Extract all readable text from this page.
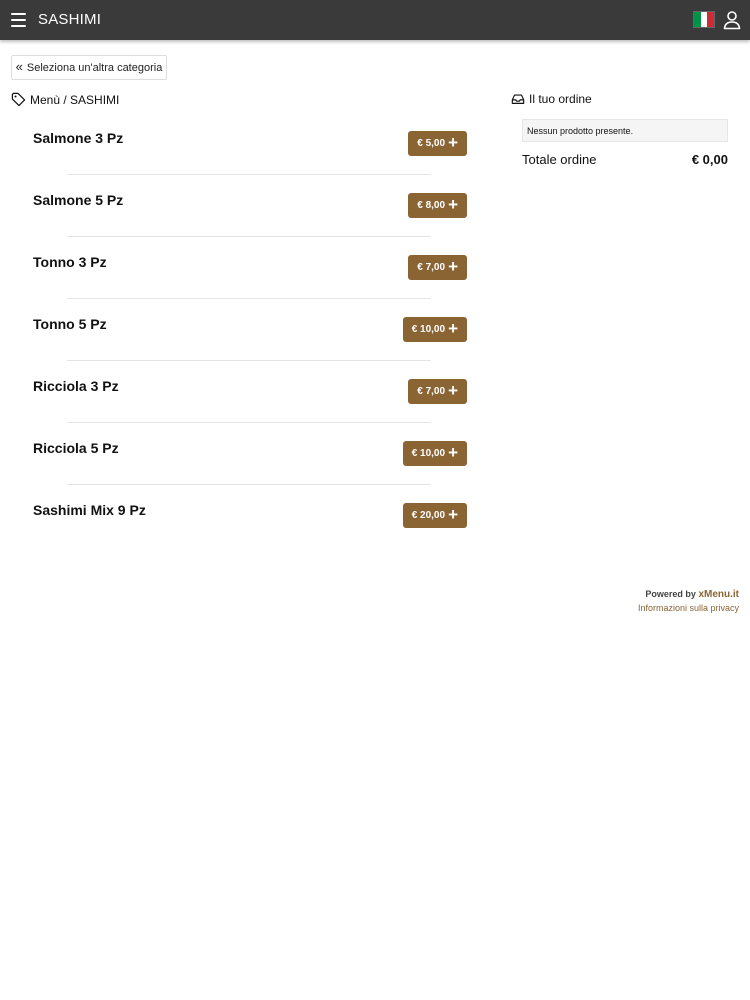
SASHIMI
« Seleziona un'altra categoria
Menù / SASHIMI
Salmone 3 Pz	€ 5,00 +
Salmone 5 Pz	€ 8,00 +
Tonno 3 Pz	€ 7,00 +
Tonno 5 Pz	€ 10,00 +
Ricciola 3 Pz	€ 7,00 +
Ricciola 5 Pz	€ 10,00 +
Sashimi Mix 9 Pz	€ 20,00 +
Il tuo ordine
Nessun prodotto presente.
Totale ordine	€ 0,00
Powered by xMenu.it
Informazioni sulla privacy
